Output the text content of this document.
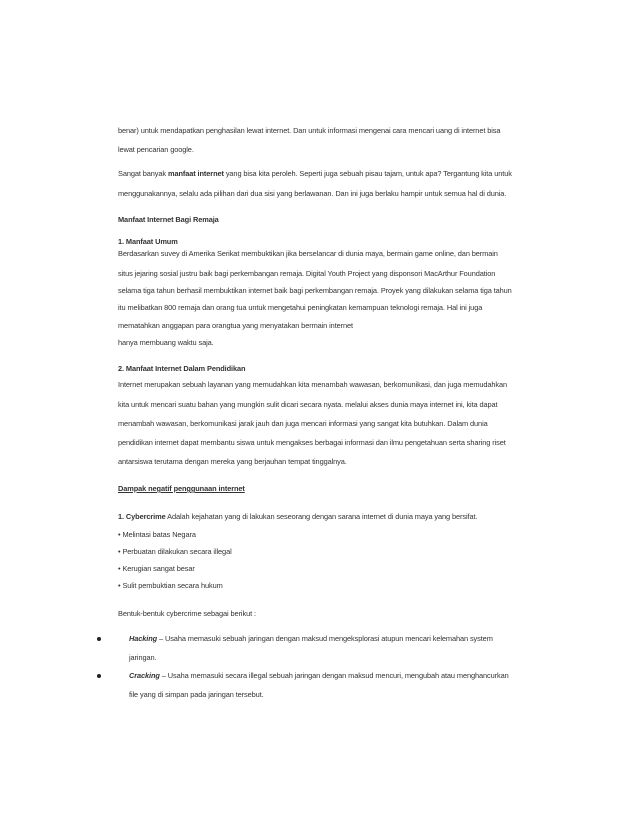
benar) untuk mendapatkan penghasilan lewat internet. Dan untuk informasi mengenai cara mencari uang di internet bisa
lewat pencarian google.
Sangat banyak manfaat internet yang bisa kita peroleh. Seperti juga sebuah pisau tajam, untuk apa? Tergantung kita untuk
menggunakannya, selalu ada pilihan dari dua sisi yang berlawanan. Dan ini juga berlaku hampir untuk semua hal di dunia.
Manfaat Internet Bagi Remaja
1. Manfaat Umum
Berdasarkan suvey di Amerika Serikat membuktikan jika berselancar di dunia maya, bermain game online, dan bermain
situs jejaring sosial justru baik bagi perkembangan remaja. Digital Youth Project yang disponsori MacArthur Foundation
selama tiga tahun berhasil membuktikan internet baik bagi perkembangan remaja. Proyek yang dilakukan selama tiga tahun
itu melibatkan 800 remaja dan orang tua untuk mengetahui peningkatan kemampuan teknologi remaja. Hal ini juga
mematahkan anggapan para orangtua yang menyatakan bermain internet
hanya membuang waktu saja.
2. Manfaat Internet Dalam Pendidikan
Internet merupakan sebuah layanan yang memudahkan kita menambah wawasan, berkomunikasi, dan juga memudahkan
kita untuk mencari suatu bahan yang mungkin sulit dicari secara nyata. melalui akses dunia maya internet ini, kita dapat
menambah wawasan, berkomunikasi jarak jauh dan juga mencari informasi yang sangat kita butuhkan. Dalam dunia
pendidikan internet dapat membantu siswa untuk mengakses berbagai informasi dan ilmu pengetahuan serta sharing riset
antarsiswa terutama dengan mereka yang berjauhan tempat tinggalnya.
Dampak negatif penggunaan internet
1. Cybercrime Adalah kejahatan yang di lakukan seseorang dengan sarana internet di dunia maya yang bersifat.
• Melintasi batas Negara
• Perbuatan dilakukan secara illegal
• Kerugian sangat besar
• Sulit pembuktian secara hukum
Bentuk-bentuk cybercrime sebagai berikut :
Hacking – Usaha memasuki sebuah jaringan dengan maksud mengeksplorasi atupun mencari kelemahan system
jaringan.
Cracking – Usaha memasuki secara illegal sebuah jaringan dengan maksud mencuri, mengubah atau menghancurkan
file yang di simpan pada jaringan tersebut.
